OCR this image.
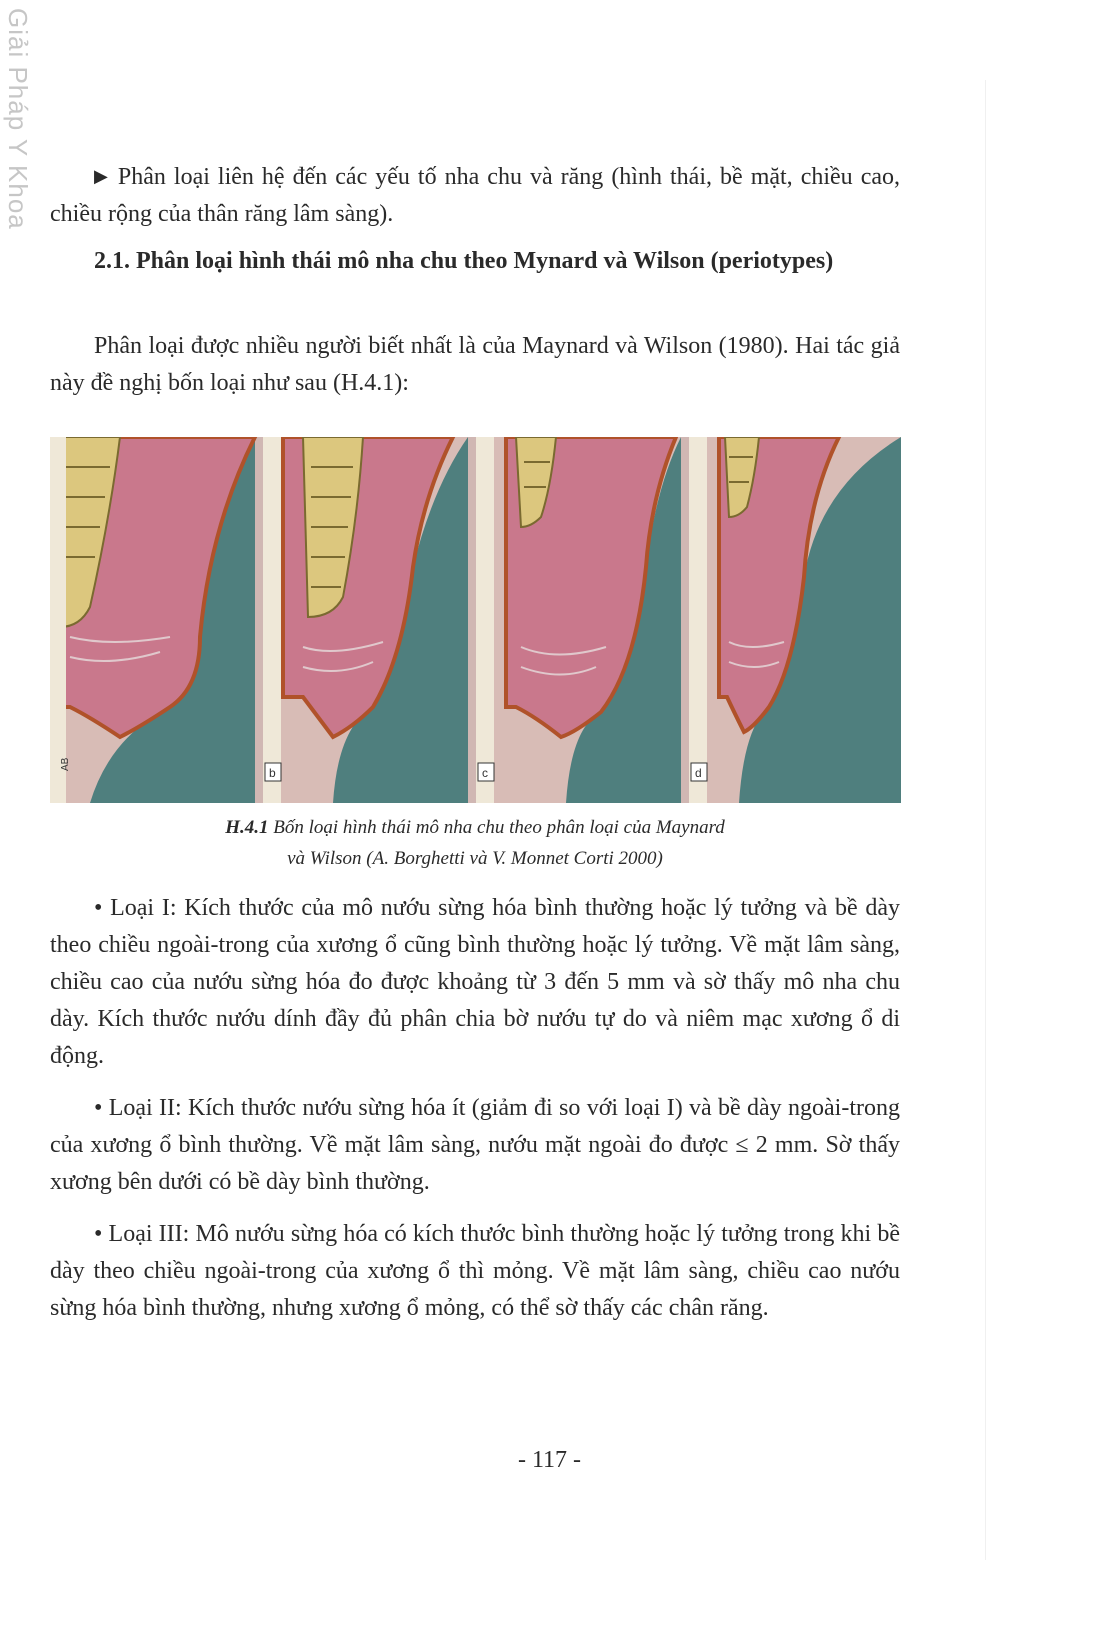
Giải Pháp Y Khoa	▶ Phân loại liên hệ đến các yếu tố nha chu và răng (hình thái, bề mặt, chiều cao, chiều rộng của thân răng lâm sàng).

2.1. Phân loại hình thái mô nha chu theo Mynard và Wilson (periotypes)

Phân loại được nhiều người biết nhất là của Maynard và Wilson (1980). Hai tác giả này đề nghị bốn loại như sau (H.4.1):

AB
b	c	d

H.4.1 Bốn loại hình thái mô nha chu theo phân loại của Maynard
và Wilson (A. Borghetti và V. Monnet Corti 2000)

• Loại I: Kích thước của mô nướu sừng hóa bình thường hoặc lý tưởng và bề dày theo chiều ngoài-trong của xương ổ cũng bình thường hoặc lý tưởng. Về mặt lâm sàng, chiều cao của nướu sừng hóa đo được khoảng từ 3 đến 5 mm và sờ thấy mô nha chu dày. Kích thước nướu dính đầy đủ phân chia bờ nướu tự do và niêm mạc xương ổ di động.

• Loại II: Kích thước nướu sừng hóa ít (giảm đi so với loại I) và bề dày ngoài-trong của xương ổ bình thường. Về mặt lâm sàng, nướu mặt ngoài đo được ≤ 2 mm. Sờ thấy xương bên dưới có bề dày bình thường.

• Loại III: Mô nướu sừng hóa có kích thước bình thường hoặc lý tưởng trong khi bề dày theo chiều ngoài-trong của xương ổ thì mỏng. Về mặt lâm sàng, chiều cao nướu sừng hóa bình thường, nhưng xương ổ mỏng, có thể sờ thấy các chân răng.

- 117 -
